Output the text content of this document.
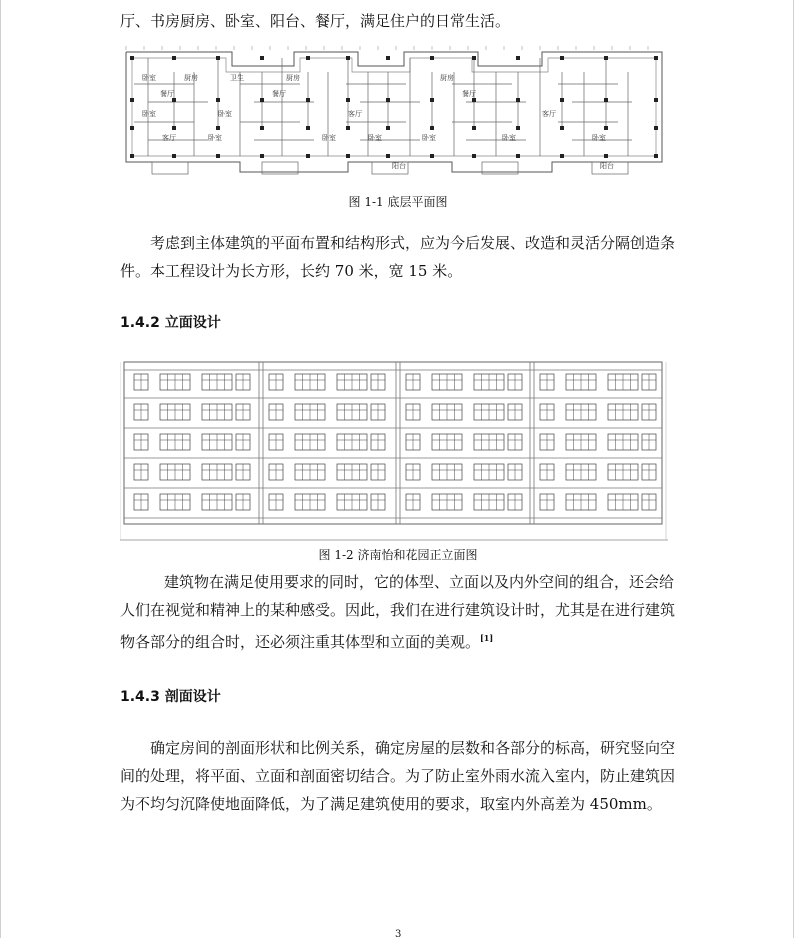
厅、书房厨房、卧室、阳台、餐厅，满足住户的日常生活。

卧室
餐厅
厨房
卧室
客厅	卧室
卧室
卫生
餐厅
厨房
卧室
客厅
卧室
阳台
卧室
厨房
餐厅
卧室
客厅
卧室
阳台
图 1-1 底层平面图

考虑到主体建筑的平面布置和结构形式，应为今后发展、改造和灵活分隔创造条件。本工程设计为长方形，长约 70 米，宽 15 米。

1.4.2 立面设计
图 1-2 济南怡和花园正立面图

建筑物在满足使用要求的同时，它的体型、立面以及内外空间的组合，还会给人们在视觉和精神上的某种感受。因此，我们在进行建筑设计时，尤其是在进行建筑物各部分的组合时，还必须注重其体型和立面的美观。[1]

1.4.3 剖面设计

确定房间的剖面形状和比例关系，确定房屋的层数和各部分的标高，研究竖向空间的处理，将平面、立面和剖面密切结合。为了防止室外雨水流入室内，防止建筑因为不均匀沉降使地面降低，为了满足建筑使用的要求，取室内外高差为 450mm。

3
